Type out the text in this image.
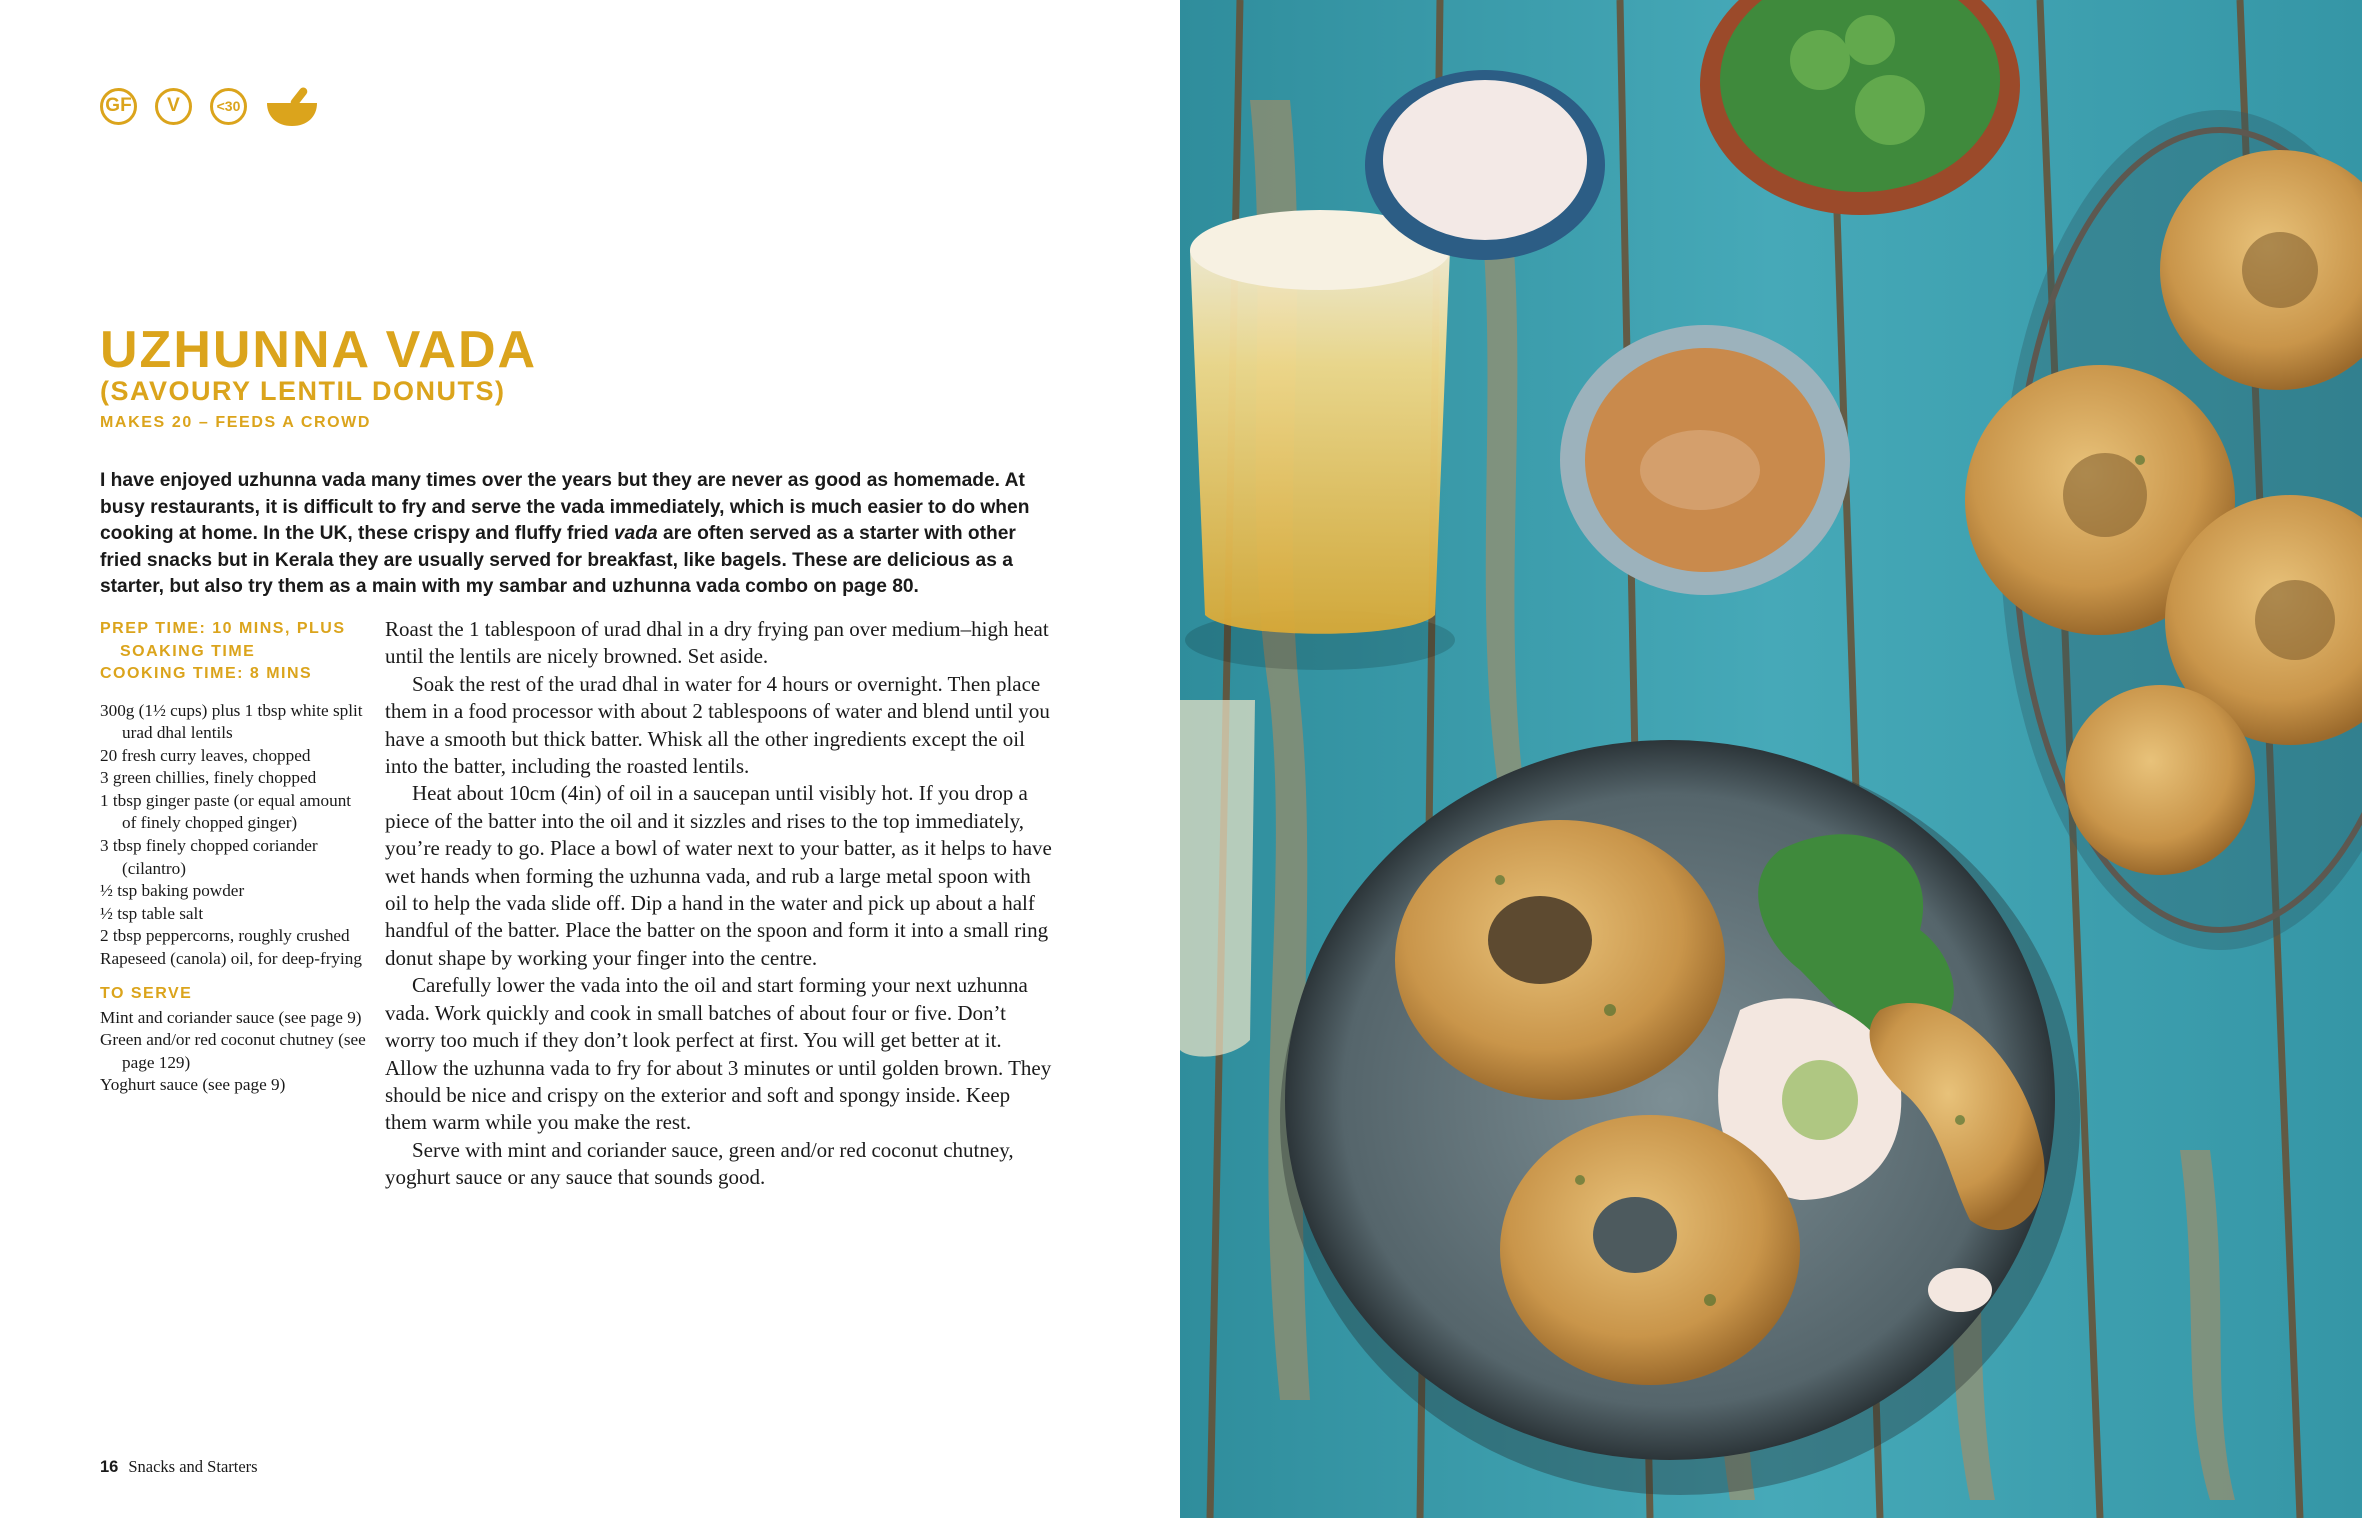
GF	V	<30
UZHUNNA VADA
(SAVOURY LENTIL DONUTS)
MAKES 20 – FEEDS A CROWD

I have enjoyed uzhunna vada many times over the years but they are never as good as homemade. At busy restaurants, it is difficult to fry and serve the vada immediately, which is much easier to do when cooking at home. In the UK, these crispy and fluffy fried vada are often served as a starter with other fried snacks but in Kerala they are usually served for breakfast, like bagels. These are delicious as a starter, but also try them as a main with my sambar and uzhunna vada combo on page 80.

PREP TIME: 10 MINS, PLUS
SOAKING TIME
COOKING TIME: 8 MINS
300g (1½ cups) plus 1 tbsp white split urad dhal lentils
20 fresh curry leaves, chopped
3 green chillies, finely chopped
1 tbsp ginger paste (or equal amount of finely chopped ginger)
3 tbsp finely chopped coriander (cilantro)
½ tsp baking powder
½ tsp table salt
2 tbsp peppercorns, roughly crushed
Rapeseed (canola) oil, for deep-frying
TO SERVE
Mint and coriander sauce (see page 9)
Green and/or red coconut chutney (see page 129)
Yoghurt sauce (see page 9)

Roast the 1 tablespoon of urad dhal in a dry frying pan over medium–high heat until the lentils are nicely browned. Set aside.

Soak the rest of the urad dhal in water for 4 hours or overnight. Then place them in a food processor with about 2 tablespoons of water and blend until you have a smooth but thick batter. Whisk all the other ingredients except the oil into the batter, including the roasted lentils.

Heat about 10cm (4in) of oil in a saucepan until visibly hot. If you drop a piece of the batter into the oil and it sizzles and rises to the top immediately, you’re ready to go. Place a bowl of water next to your batter, as it helps to have wet hands when forming the uzhunna vada, and rub a large metal spoon with oil to help the vada slide off. Dip a hand in the water and pick up about a half handful of the batter. Place the batter on the spoon and form it into a small ring donut shape by working your finger into the centre.

Carefully lower the vada into the oil and start forming your next uzhunna vada. Work quickly and cook in small batches of about four or five. Don’t worry too much if they don’t look perfect at first. You will get better at it. Allow the uzhunna vada to fry for about 3 minutes or until golden brown. They should be nice and crispy on the exterior and soft and spongy inside. Keep them warm while you make the rest.

Serve with mint and coriander sauce, green and/or red coconut chutney, yoghurt sauce or any sauce that sounds good.

16 Snacks and Starters
